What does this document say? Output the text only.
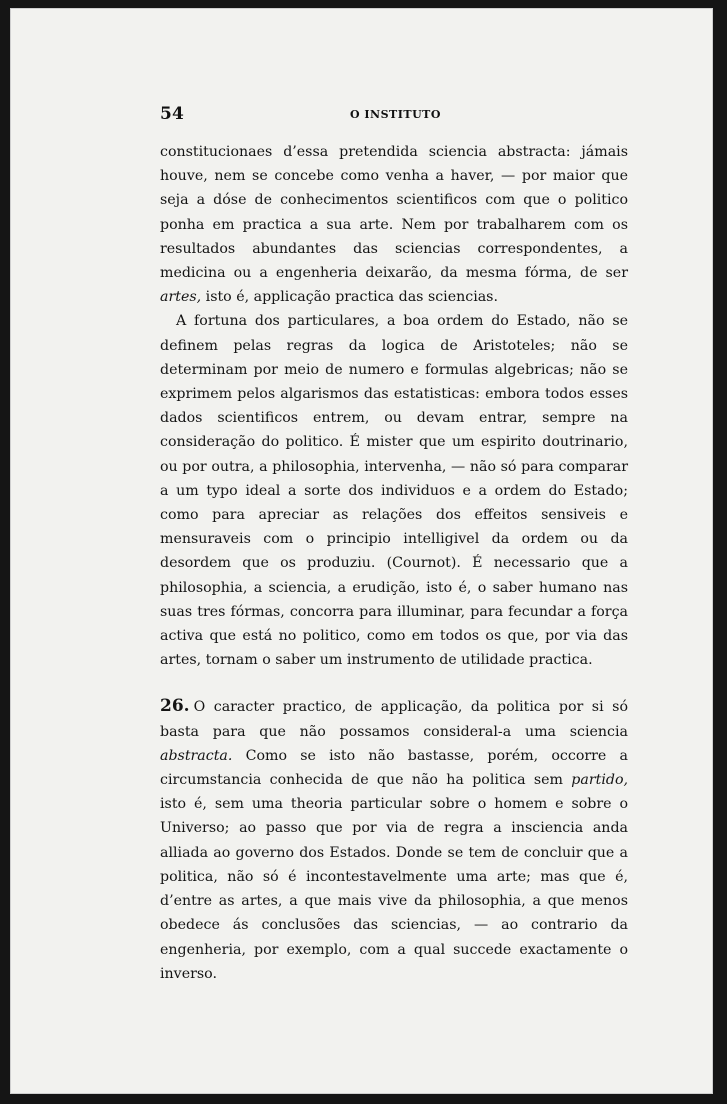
54	O INSTITUTO

constitucionaes d’essa pretendida sciencia abstracta: jámais houve, nem se concebe como venha a haver, — por maior que seja a dóse de conhecimentos scientificos com que o politico ponha em practica a sua arte. Nem por trabalharem com os resultados abundantes das sciencias correspondentes, a medicina ou a engenheria deixarão, da mesma fórma, de ser artes, isto é, applicação practica das sciencias.

A fortuna dos particulares, a boa ordem do Estado, não se definem pelas regras da logica de Aristoteles; não se determinam por meio de numero e formulas algebricas; não se exprimem pelos algarismos das estatisticas: embora todos esses dados scientificos entrem, ou devam entrar, sempre na consideração do politico. É mister que um espirito doutrinario, ou por outra, a philosophia, intervenha, — não só para comparar a um typo ideal a sorte dos individuos e a ordem do Estado; como para apreciar as relações dos effeitos sensiveis e mensuraveis com o principio intelligivel da ordem ou da desordem que os produziu. (Cournot). É necessario que a philosophia, a sciencia, a erudição, isto é, o saber humano nas suas tres fórmas, concorra para illuminar, para fecundar a força activa que está no politico, como em todos os que, por via das artes, tornam o saber um instrumento de utilidade practica.

26. O caracter practico, de applicação, da politica por si só basta para que não possamos consideral-a uma sciencia abstracta. Como se isto não bastasse, porém, occorre a circumstancia conhecida de que não ha politica sem partido, isto é, sem uma theoria particular sobre o homem e sobre o Universo; ao passo que por via de regra a insciencia anda alliada ao governo dos Estados. Donde se tem de concluir que a politica, não só é incontestavelmente uma arte; mas que é, d’entre as artes, a que mais vive da philosophia, a que menos obedece ás conclusões das sciencias, — ao contrario da engenheria, por exemplo, com a qual succede exactamente o inverso.
